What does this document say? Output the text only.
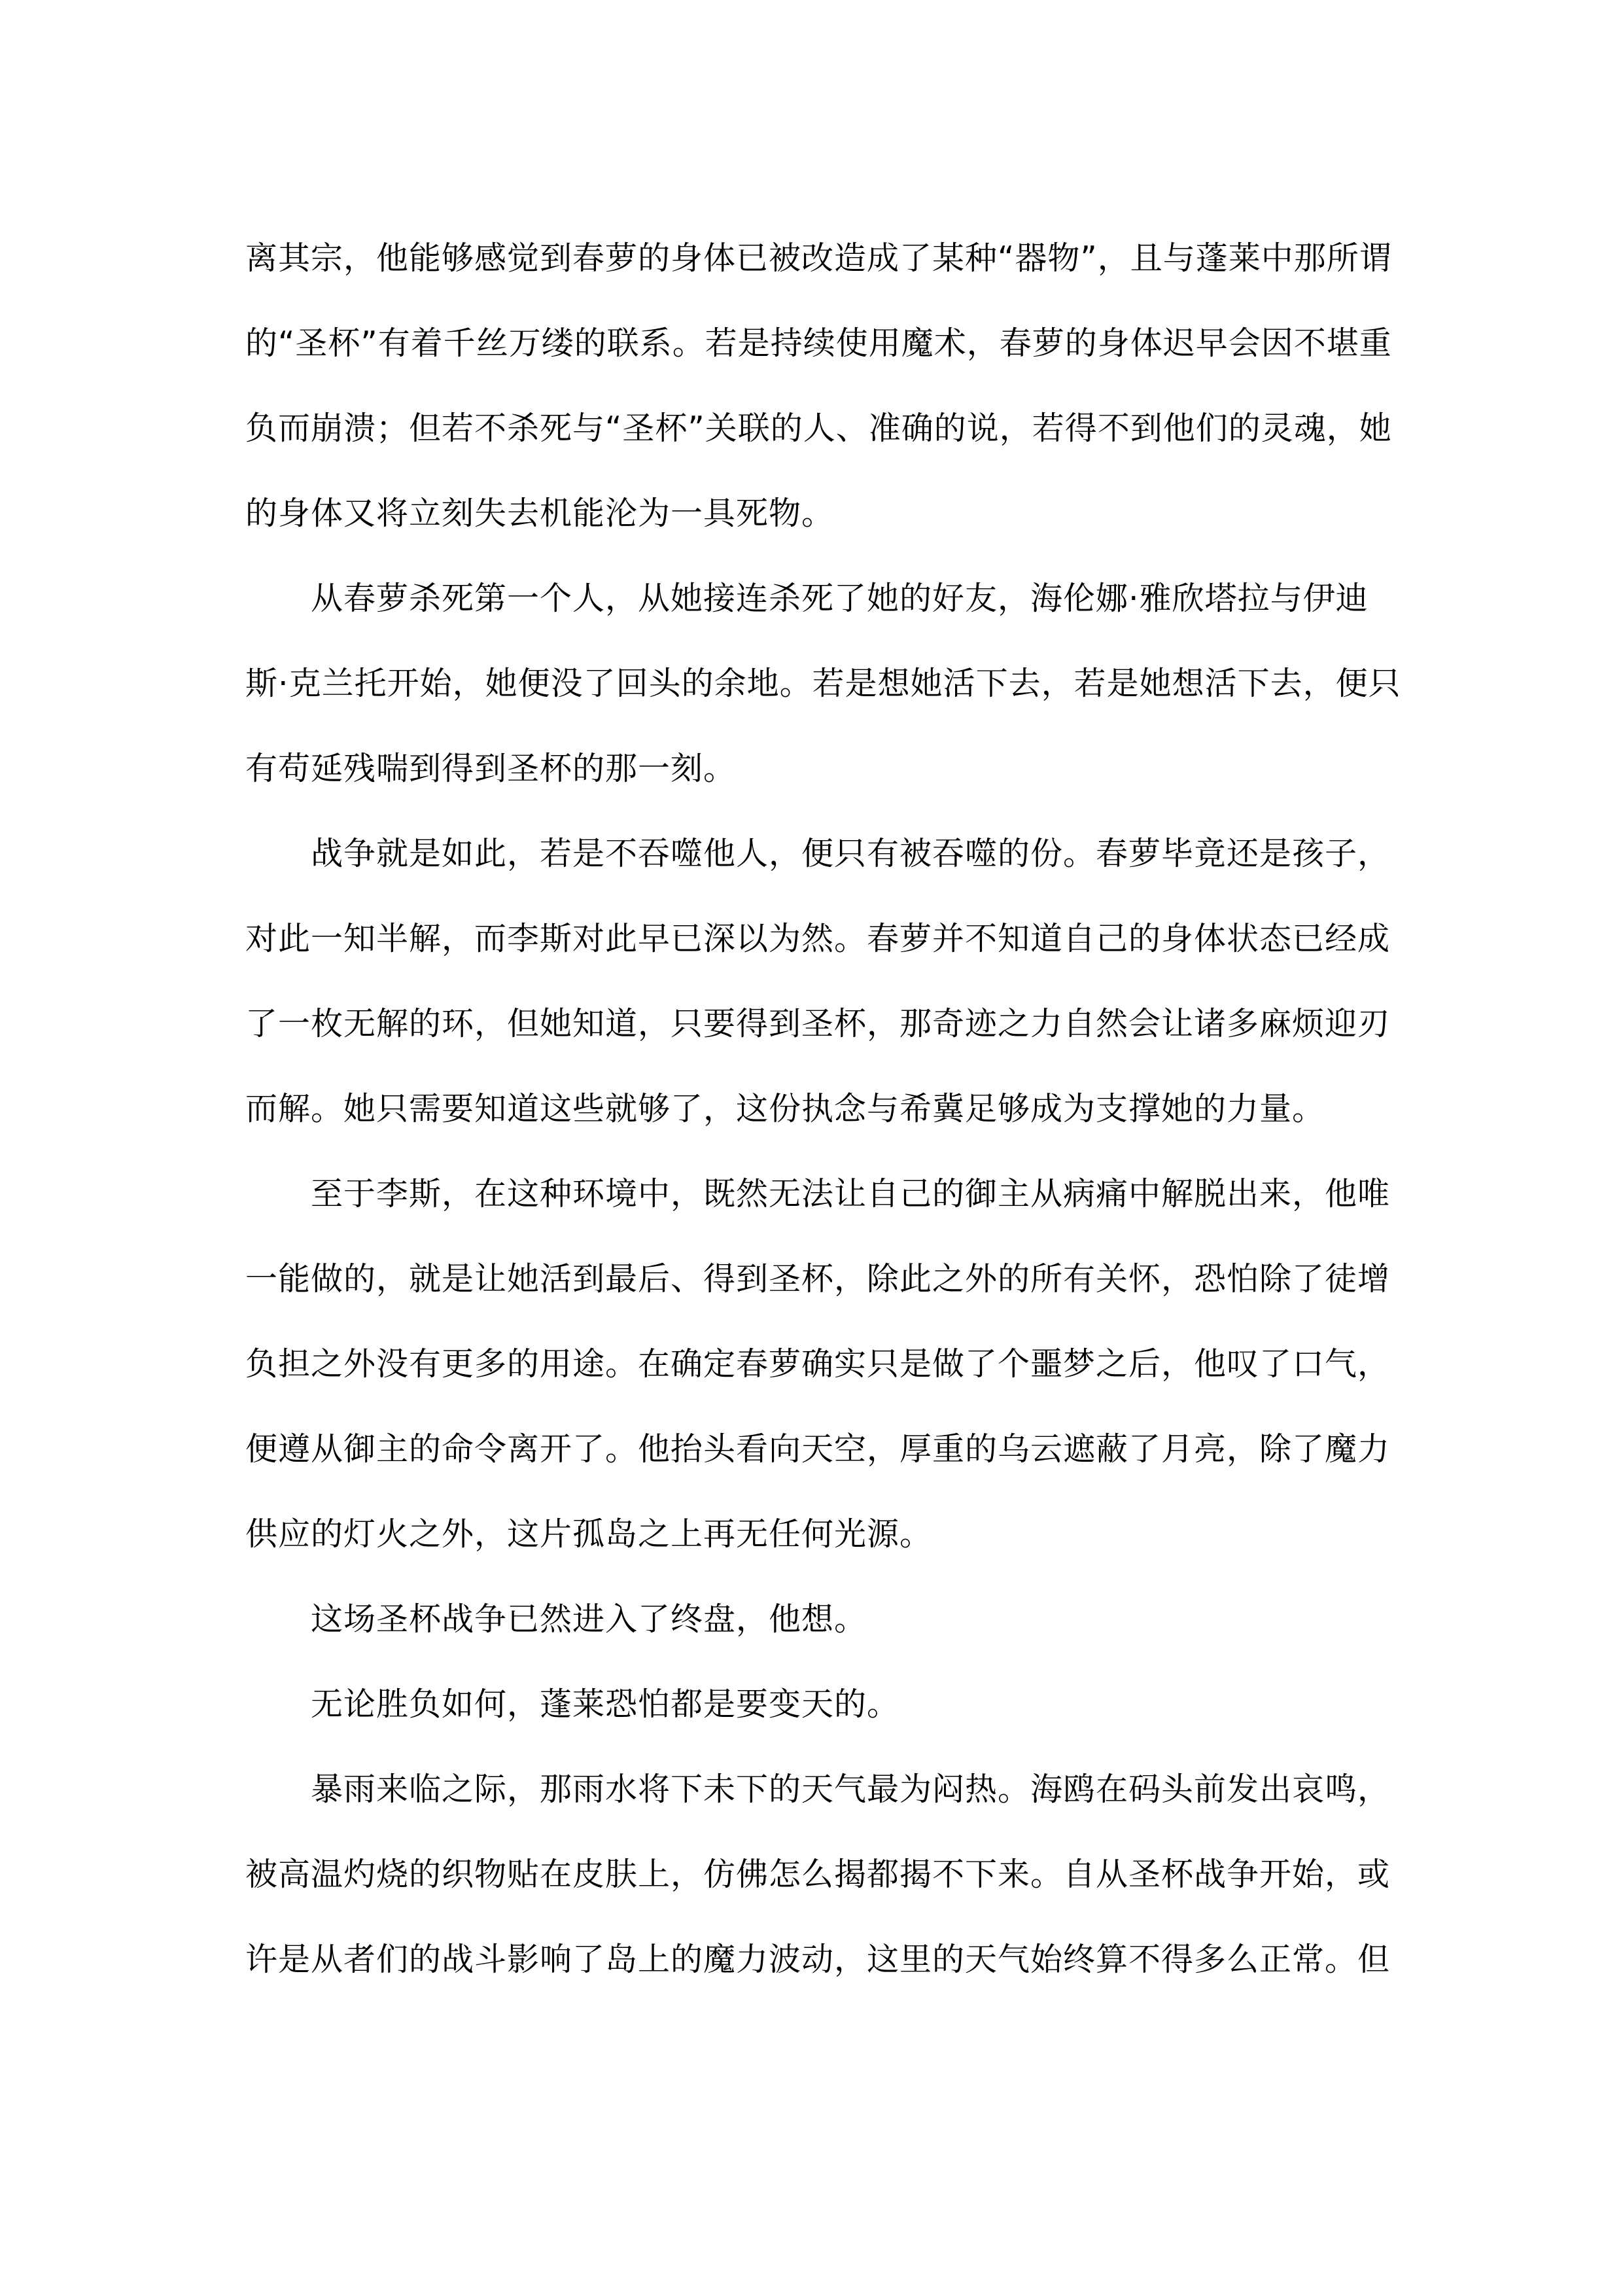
离其宗，他能够感觉到春萝的身体已被改造成了某种“器物”，且与蓬莱中那所谓
的“圣杯”有着千丝万缕的联系。若是持续使用魔术，春萝的身体迟早会因不堪重
负而崩溃；但若不杀死与“圣杯”关联的人、准确的说，若得不到他们的灵魂，她
的身体又将立刻失去机能沦为一具死物。
　　从春萝杀死第一个人，从她接连杀死了她的好友，海伦娜·雅欣塔拉与伊迪
斯·克兰托开始，她便没了回头的余地。若是想她活下去，若是她想活下去，便只
有苟延残喘到得到圣杯的那一刻。
　　战争就是如此，若是不吞噬他人，便只有被吞噬的份。春萝毕竟还是孩子，
对此一知半解，而李斯对此早已深以为然。春萝并不知道自己的身体状态已经成
了一枚无解的环，但她知道，只要得到圣杯，那奇迹之力自然会让诸多麻烦迎刃
而解。她只需要知道这些就够了，这份执念与希冀足够成为支撑她的力量。
　　至于李斯，在这种环境中，既然无法让自己的御主从病痛中解脱出来，他唯
一能做的，就是让她活到最后、得到圣杯，除此之外的所有关怀，恐怕除了徒增
负担之外没有更多的用途。在确定春萝确实只是做了个噩梦之后，他叹了口气，
便遵从御主的命令离开了。他抬头看向天空，厚重的乌云遮蔽了月亮，除了魔力
供应的灯火之外，这片孤岛之上再无任何光源。
　　这场圣杯战争已然进入了终盘，他想。
　　无论胜负如何，蓬莱恐怕都是要变天的。
　　暴雨来临之际，那雨水将下未下的天气最为闷热。海鸥在码头前发出哀鸣，
被高温灼烧的织物贴在皮肤上，仿佛怎么揭都揭不下来。自从圣杯战争开始，或
许是从者们的战斗影响了岛上的魔力波动，这里的天气始终算不得多么正常。但
